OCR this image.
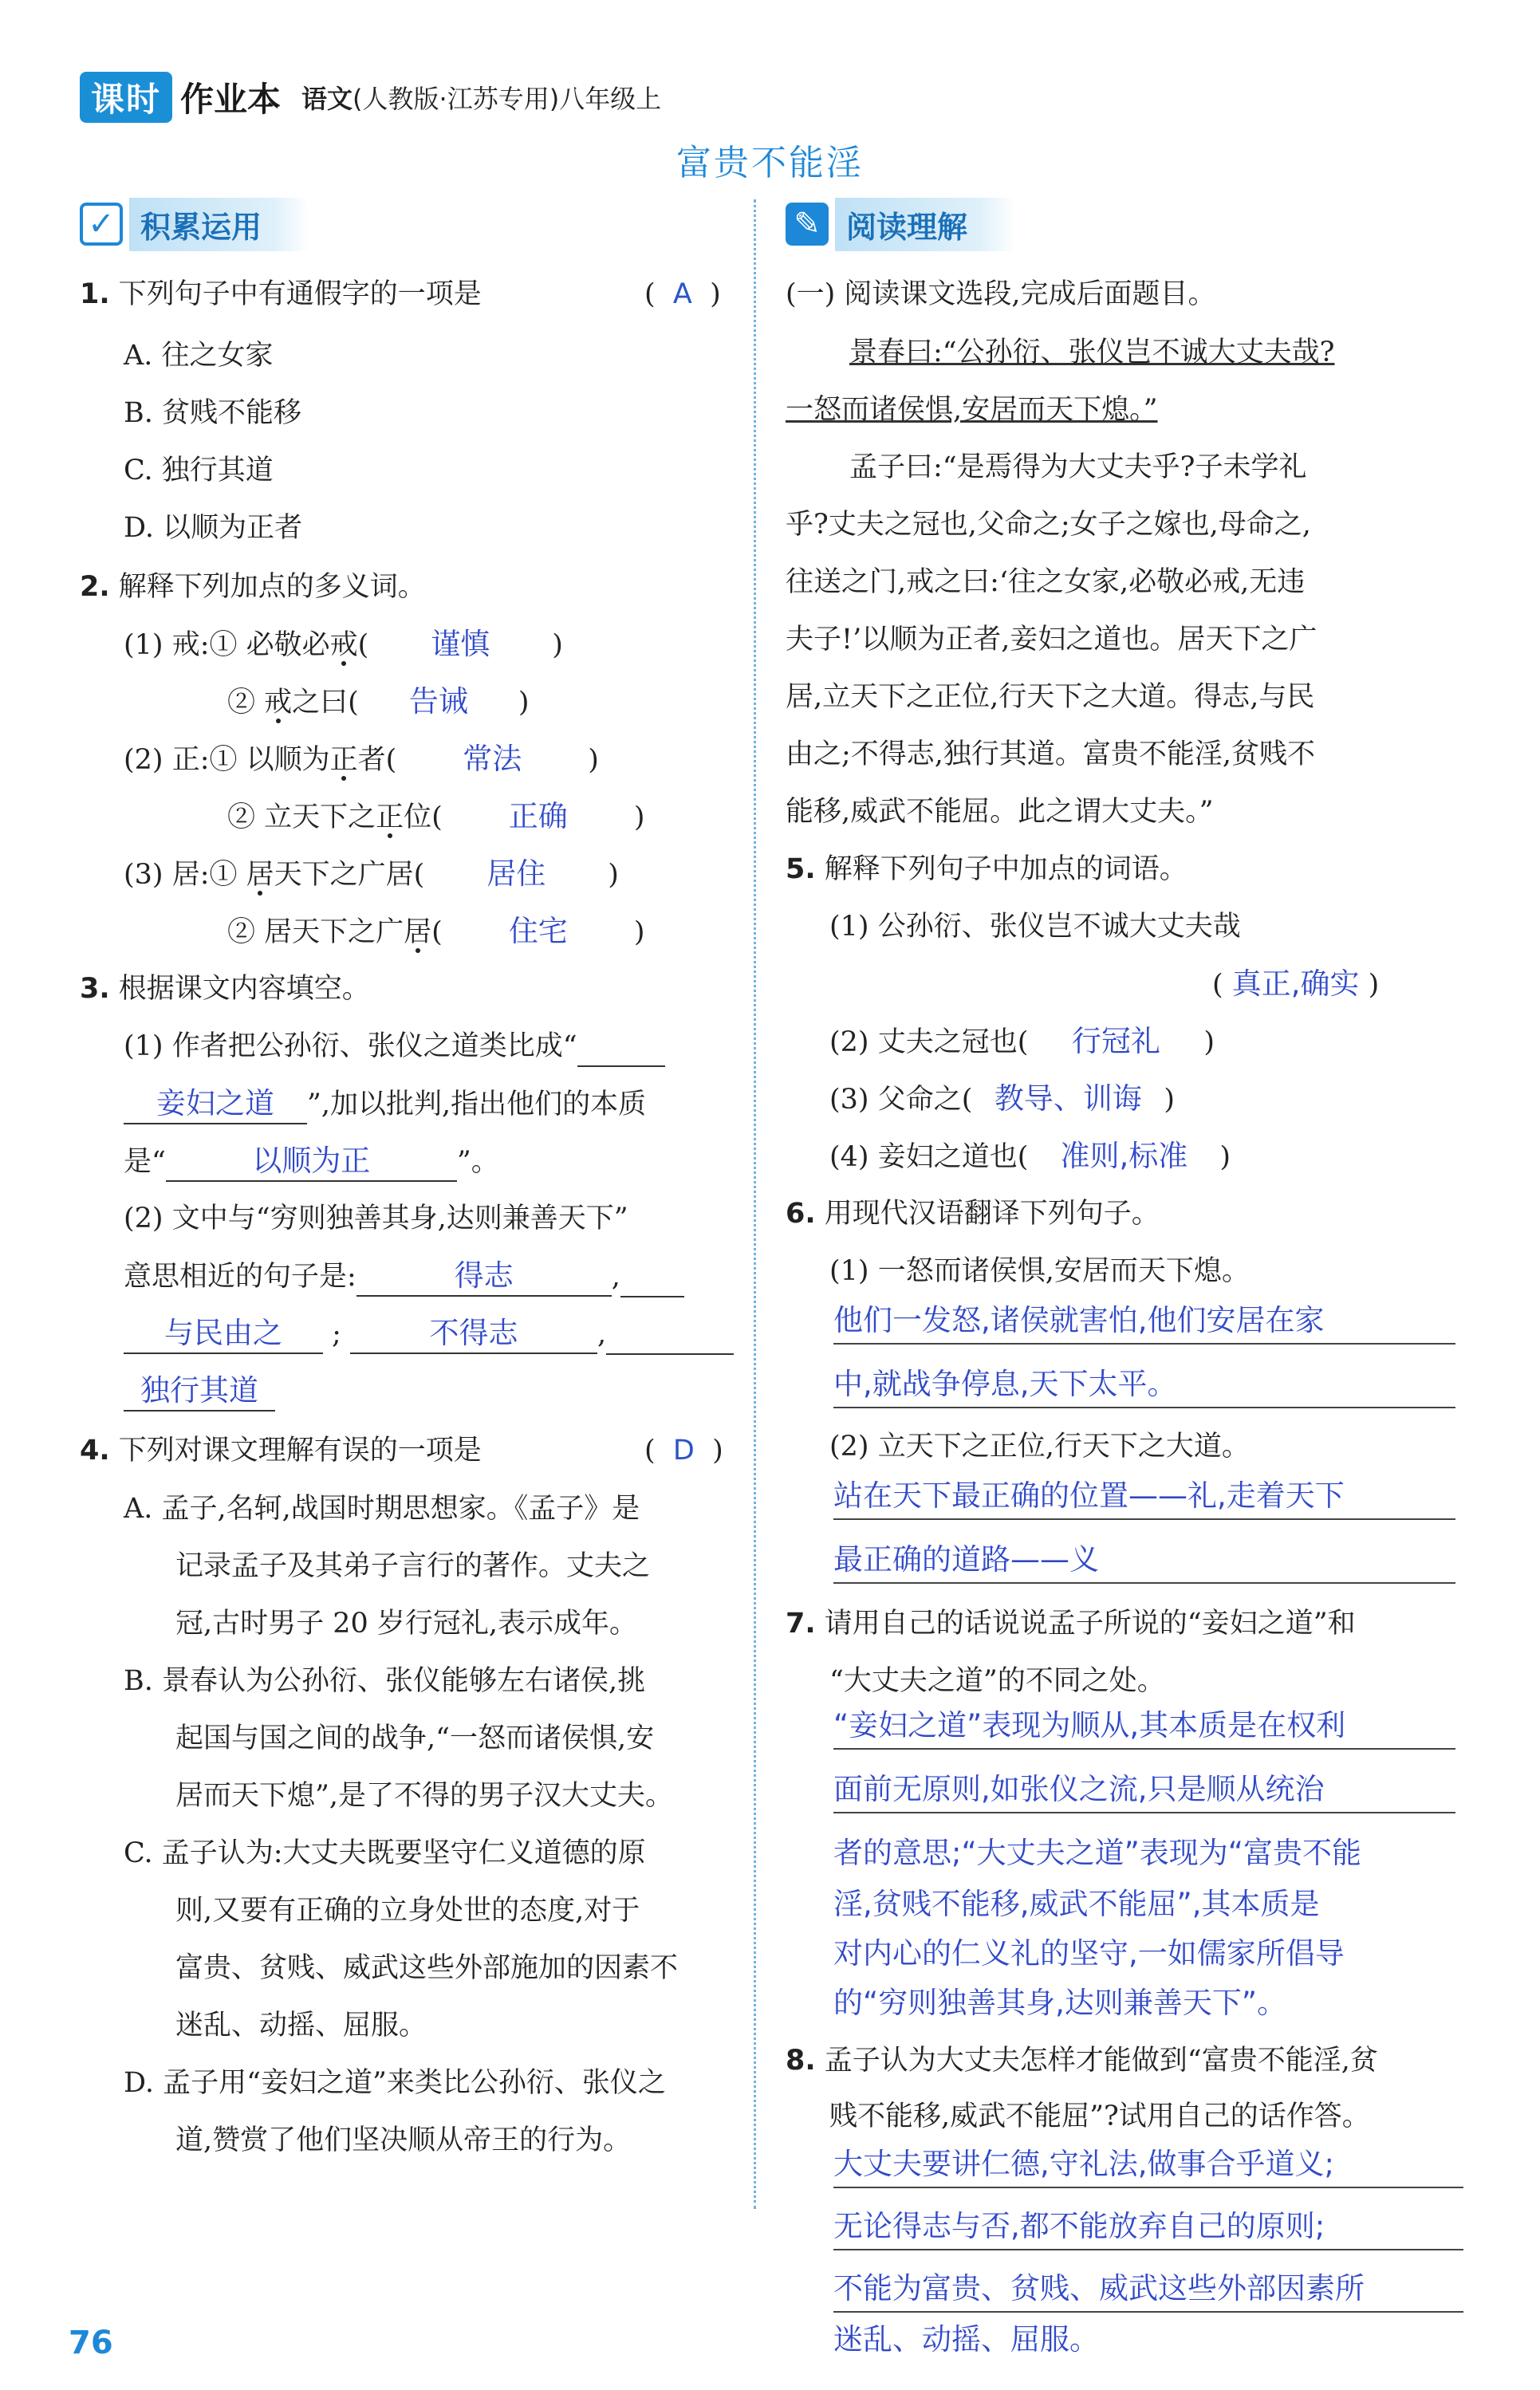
课时 作业本 语文(人教版·江苏专用)八年级上
富贵不能淫
✓ 积累运用
1. 下列句子中有通假字的一项是	(  A  )
A. 往之女家
B. 贫贱不能移
C. 独行其道
D. 以顺为正者
2. 解释下列加点的多义词。
(1) 戒:① 必敬必戒( 谨慎 )
② 戒之曰( 告诫 )
(2) 正:① 以顺为正者( 常法 )
② 立天下之正位( 正确 )
(3) 居:① 居天下之广居( 居住 )
② 居天下之广居( 住宅 )
3. 根据课文内容填空。
(1) 作者把公孙衍、张仪之道类比成“
妾妇之道 ”,加以批判,指出他们的本质
是“	以顺为正	”。
(2) 文中与“穷则独善其身,达则兼善天下”
意思相近的句子是:	得志	,
与民由之 ;	不得志	,
独行其道
4. 下列对课文理解有误的一项是	(  D  )
A. 孟子,名轲,战国时期思想家。《孟子》是
记录孟子及其弟子言行的著作。丈夫之
冠,古时男子 20 岁行冠礼,表示成年。
B. 景春认为公孙衍、张仪能够左右诸侯,挑
起国与国之间的战争,“一怒而诸侯惧,安
居而天下熄”,是了不得的男子汉大丈夫。
C. 孟子认为:大丈夫既要坚守仁义道德的原
则,又要有正确的立身处世的态度,对于
富贵、贫贱、威武这些外部施加的因素不
迷乱、动摇、屈服。
D. 孟子用“妾妇之道”来类比公孙衍、张仪之
道,赞赏了他们坚决顺从帝王的行为。
✎ 阅读理解
(一) 阅读课文选段,完成后面题目。
景春曰:“公孙衍、张仪岂不诚大丈夫哉?
一怒而诸侯惧,安居而天下熄。”
孟子曰:“是焉得为大丈夫乎?子未学礼
乎?丈夫之冠也,父命之;女子之嫁也,母命之,
往送之门,戒之曰:‘往之女家,必敬必戒,无违
夫子!’以顺为正者,妾妇之道也。居天下之广
居,立天下之正位,行天下之大道。得志,与民
由之;不得志,独行其道。富贵不能淫,贫贱不
能移,威武不能屈。此之谓大丈夫。”
5. 解释下列句子中加点的词语。
(1) 公孙衍、张仪岂不诚大丈夫哉
( 真正,确实 )
(2) 丈夫之冠也( 行冠礼 )
(3) 父命之( 教导、训诲 )
(4) 妾妇之道也( 准则,标准 )
6. 用现代汉语翻译下列句子。
(1) 一怒而诸侯惧,安居而天下熄。
他们一发怒,诸侯就害怕,他们安居在家
中,就战争停息,天下太平。
(2) 立天下之正位,行天下之大道。
站在天下最正确的位置——礼,走着天下
最正确的道路——义
7. 请用自己的话说说孟子所说的“妾妇之道”和
“大丈夫之道”的不同之处。
“妾妇之道”表现为顺从,其本质是在权利
面前无原则,如张仪之流,只是顺从统治
者的意思;“大丈夫之道”表现为“富贵不能
淫,贫贱不能移,威武不能屈”,其本质是
对内心的仁义礼的坚守,一如儒家所倡导
的“穷则独善其身,达则兼善天下”。
8. 孟子认为大丈夫怎样才能做到“富贵不能淫,贫
贱不能移,威武不能屈”?试用自己的话作答。
大丈夫要讲仁德,守礼法,做事合乎道义;
无论得志与否,都不能放弃自己的原则;
不能为富贵、贫贱、威武这些外部因素所
迷乱、动摇、屈服。
76
